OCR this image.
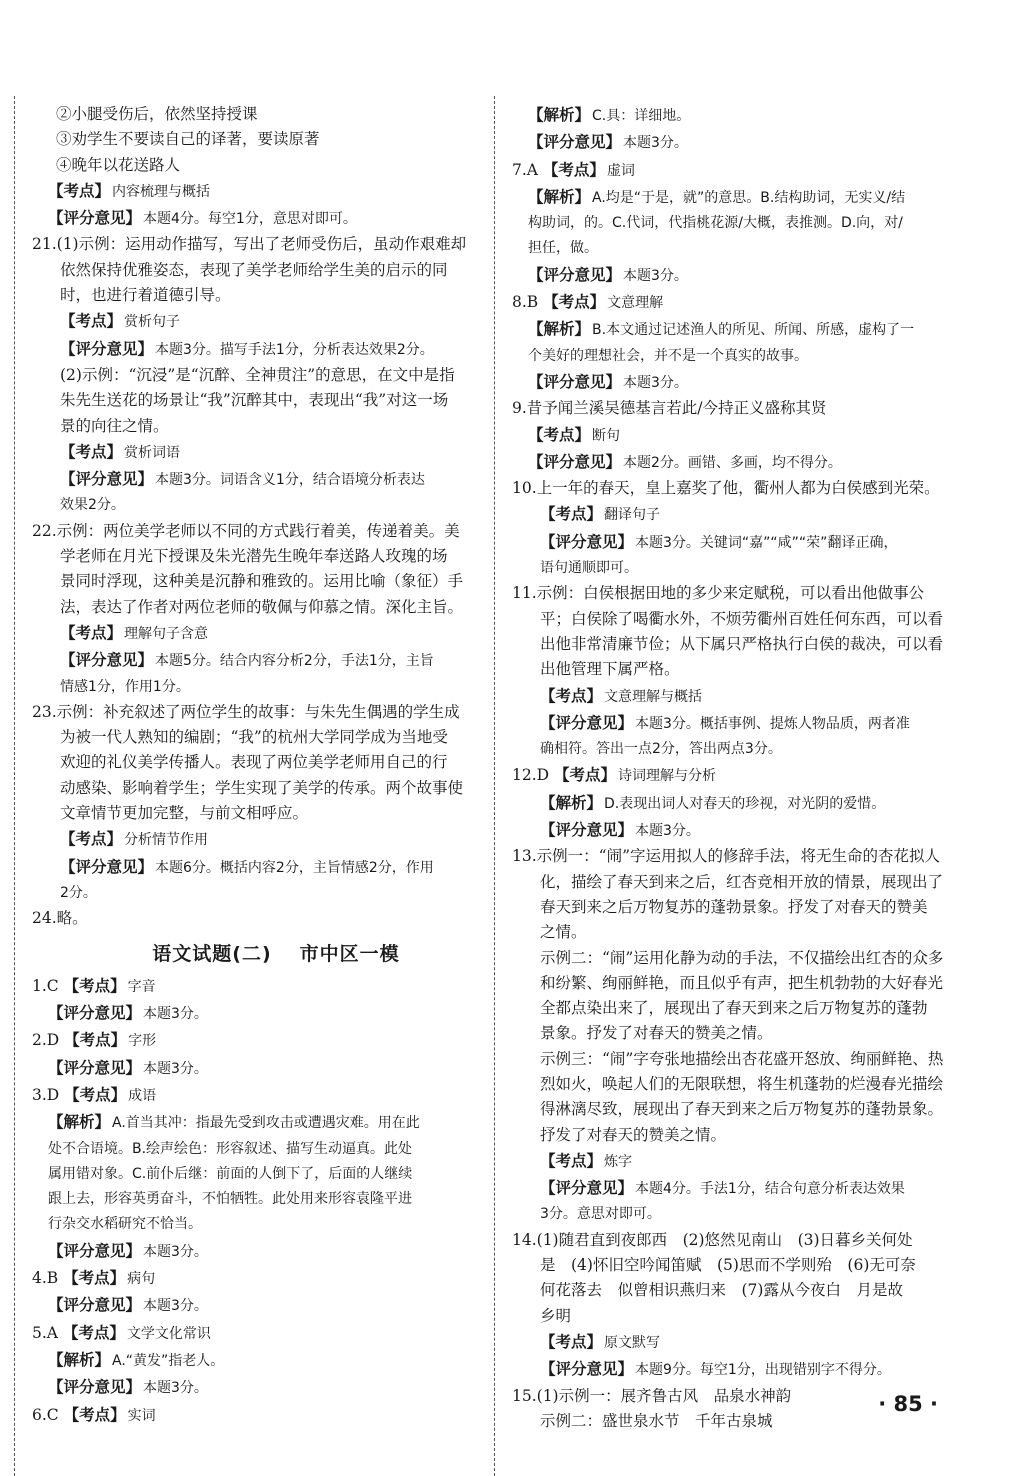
②小腿受伤后，依然坚持授课

③劝学生不要读自己的译著，要读原著

④晚年以花送路人

【考点】 内容梳理与概括

【评分意见】 本题4分。每空1分，意思对即可。

21.(1)示例：运用动作描写，写出了老师受伤后，虽动作艰难却

依然保持优雅姿态，表现了美学老师给学生美的启示的同

时，也进行着道德引导。

【考点】 赏析句子

【评分意见】 本题3分。描写手法1分，分析表达效果2分。

(2)示例：“沉浸”是“沉醉、全神贯注”的意思，在文中是指

朱先生送花的场景让“我”沉醉其中，表现出“我”对这一场

景的向往之情。

【考点】 赏析词语

【评分意见】 本题3分。词语含义1分，结合语境分析表达

效果2分。

22.示例：两位美学老师以不同的方式践行着美，传递着美。美

学老师在月光下授课及朱光潜先生晚年奉送路人玫瑰的场

景同时浮现，这种美是沉静和雅致的。运用比喻（象征）手

法，表达了作者对两位老师的敬佩与仰慕之情。深化主旨。

【考点】 理解句子含意

【评分意见】 本题5分。结合内容分析2分，手法1分，主旨

情感1分，作用1分。

23.示例：补充叙述了两位学生的故事：与朱先生偶遇的学生成

为被一代人熟知的编剧；“我”的杭州大学同学成为当地受

欢迎的礼仪美学传播人。表现了两位美学老师用自己的行

动感染、影响着学生；学生实现了美学的传承。两个故事使

文章情节更加完整，与前文相呼应。

【考点】 分析情节作用

【评分意见】 本题6分。概括内容2分，主旨情感2分，作用

2分。

24.略。

语文试题(二) 市中区一模

1.C 【考点】 字音

【评分意见】 本题3分。

2.D 【考点】 字形

【评分意见】 本题3分。

3.D 【考点】 成语

【解析】 A.首当其冲：指最先受到攻击或遭遇灾难。用在此

处不合语境。B.绘声绘色：形容叙述、描写生动逼真。此处

属用错对象。C.前仆后继：前面的人倒下了，后面的人继续

跟上去，形容英勇奋斗，不怕牺牲。此处用来形容袁隆平进

行杂交水稻研究不恰当。

【评分意见】 本题3分。

4.B 【考点】 病句

【评分意见】 本题3分。

5.A 【考点】 文学文化常识

【解析】 A.“黄发”指老人。

【评分意见】 本题3分。

6.C 【考点】 实词

【解析】 C.具：详细地。

【评分意见】 本题3分。

7.A 【考点】 虚词

【解析】 A.均是“于是，就”的意思。B.结构助词，无实义/结

构助词，的。C.代词，代指桃花源/大概，表推测。D.向，对/

担任，做。

【评分意见】 本题3分。

8.B 【考点】 文意理解

【解析】 B.本文通过记述渔人的所见、所闻、所感，虚构了一

个美好的理想社会，并不是一个真实的故事。

【评分意见】 本题3分。

9.昔予闻兰溪吴德基言若此/今持正义盛称其贤

【考点】 断句

【评分意见】 本题2分。画错、多画，均不得分。

10.上一年的春天，皇上嘉奖了他，衢州人都为白侯感到光荣。

【考点】 翻译句子

【评分意见】 本题3分。关键词“嘉”“咸”“荣”翻译正确，

语句通顺即可。

11.示例：白侯根据田地的多少来定赋税，可以看出他做事公

平；白侯除了喝衢水外，不烦劳衢州百姓任何东西，可以看

出他非常清廉节俭；从下属只严格执行白侯的裁决，可以看

出他管理下属严格。

【考点】 文意理解与概括

【评分意见】 本题3分。概括事例、提炼人物品质，两者准

确相符。答出一点2分，答出两点3分。

12.D 【考点】 诗词理解与分析

【解析】 D.表现出词人对春天的珍视，对光阴的爱惜。

【评分意见】 本题3分。

13.示例一：“闹”字运用拟人的修辞手法，将无生命的杏花拟人

化，描绘了春天到来之后，红杏竞相开放的情景，展现出了

春天到来之后万物复苏的蓬勃景象。抒发了对春天的赞美

之情。

示例二：“闹”运用化静为动的手法，不仅描绘出红杏的众多

和纷繁、绚丽鲜艳，而且似乎有声，把生机勃勃的大好春光

全都点染出来了，展现出了春天到来之后万物复苏的蓬勃

景象。抒发了对春天的赞美之情。

示例三：“闹”字夸张地描绘出杏花盛开怒放、绚丽鲜艳、热

烈如火，唤起人们的无限联想，将生机蓬勃的烂漫春光描绘

得淋漓尽致，展现出了春天到来之后万物复苏的蓬勃景象。

抒发了对春天的赞美之情。

【考点】 炼字

【评分意见】 本题4分。手法1分，结合句意分析表达效果

3分。意思对即可。

14.(1)随君直到夜郎西　(2)悠然见南山　(3)日暮乡关何处

是　(4)怀旧空吟闻笛赋　(5)思而不学则殆　(6)无可奈

何花落去　似曾相识燕归来　(7)露从今夜白　月是故

乡明

【考点】 原文默写

【评分意见】 本题9分。每空1分，出现错别字不得分。

15.(1)示例一：展齐鲁古风　品泉水神韵

示例二：盛世泉水节　千年古泉城

· 85 ·
